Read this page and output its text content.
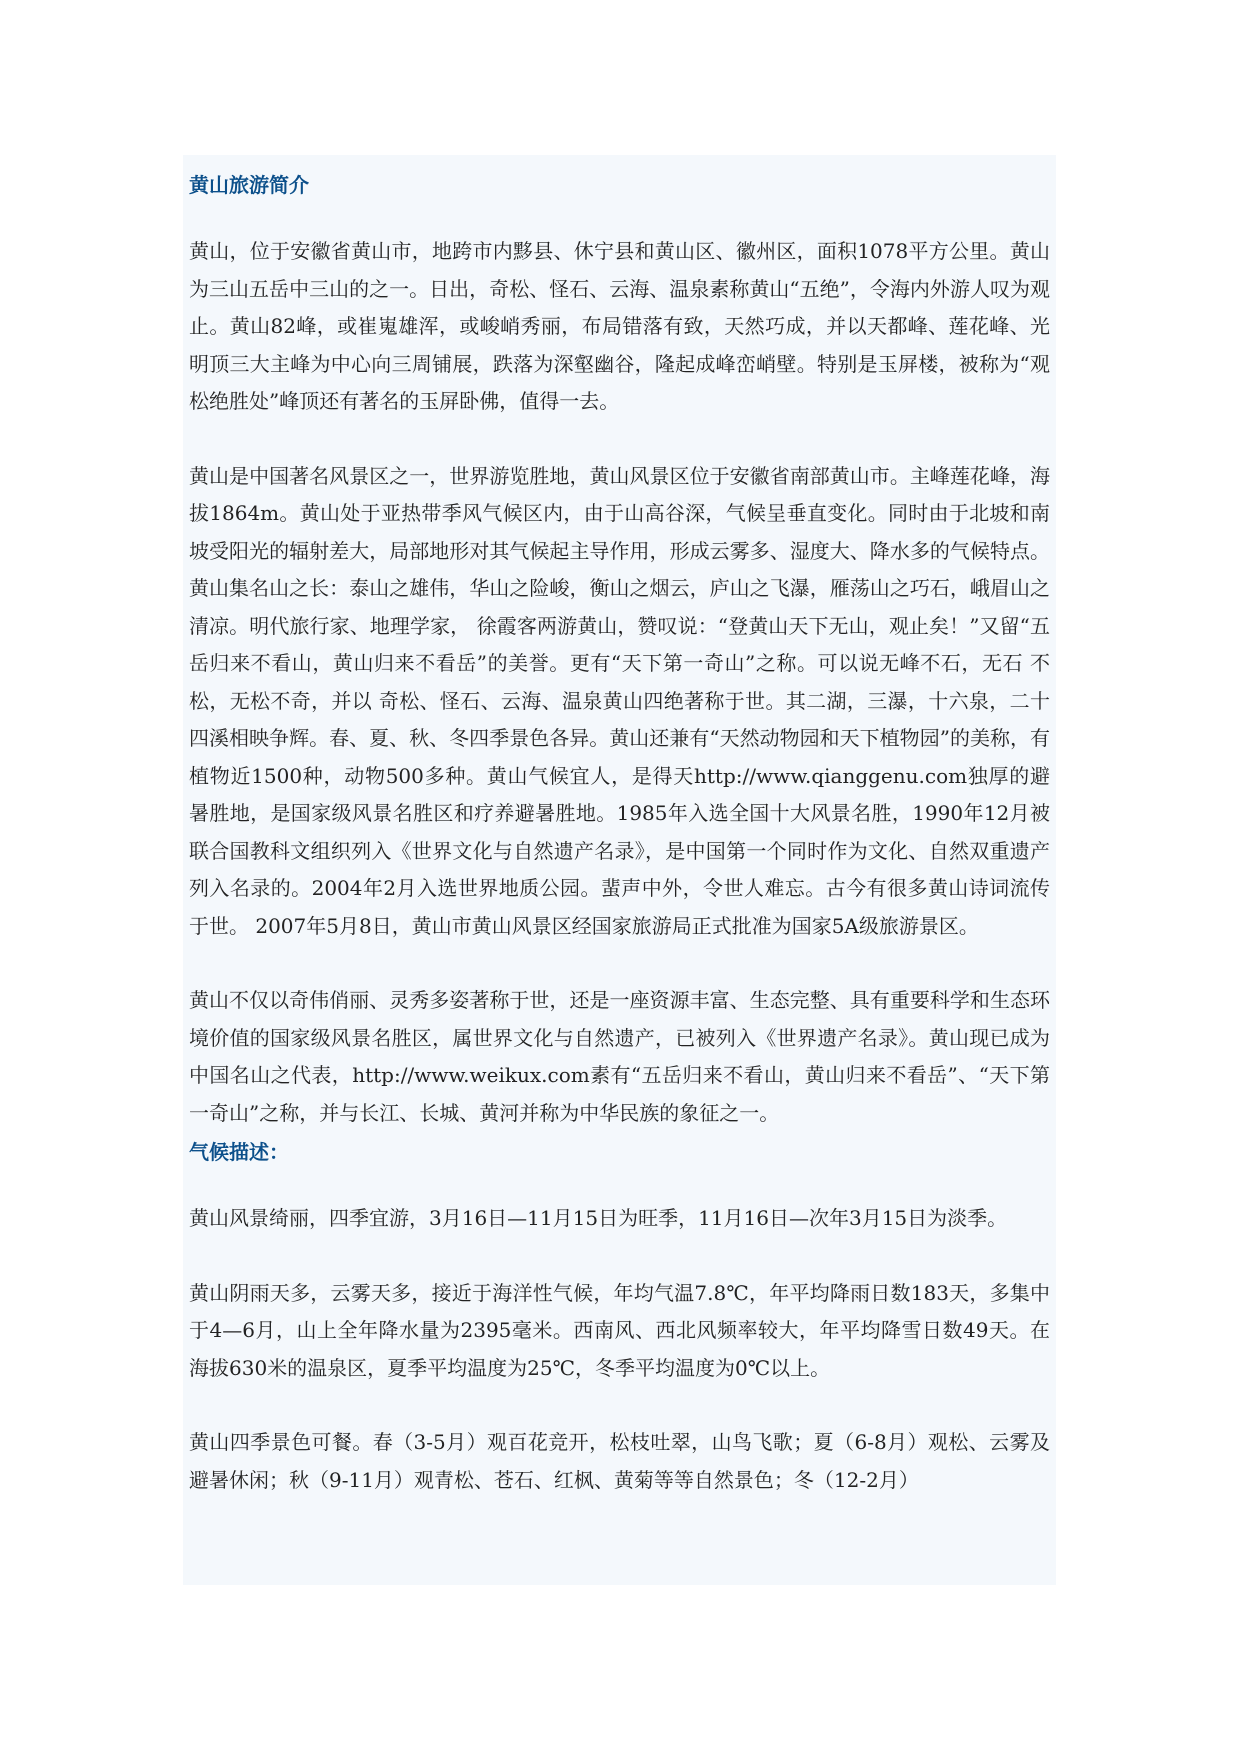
黄山旅游简介

黄山，位于安徽省黄山市，地跨市内黟县、休宁县和黄山区、徽州区，面积1078平方公里。黄山为三山五岳中三山的之一。日出，奇松、怪石、云海、温泉素称黄山“五绝”，令海内外游人叹为观止。黄山82峰，或崔嵬雄浑，或峻峭秀丽，布局错落有致，天然巧成，并以天都峰、莲花峰、光明顶三大主峰为中心向三周铺展，跌落为深壑幽谷，隆起成峰峦峭壁。特别是玉屏楼，被称为“观松绝胜处”峰顶还有著名的玉屏卧佛，值得一去。

黄山是中国著名风景区之一，世界游览胜地，黄山风景区位于安徽省南部黄山市。主峰莲花峰，海拔1864m。黄山处于亚热带季风气候区内，由于山高谷深，气候呈垂直变化。同时由于北坡和南坡受阳光的辐射差大，局部地形对其气候起主导作用，形成云雾多、湿度大、降水多的气候特点。黄山集名山之长：泰山之雄伟，华山之险峻，衡山之烟云，庐山之飞瀑，雁荡山之巧石，峨眉山之清凉。明代旅行家、地理学家， 徐霞客两游黄山，赞叹说：“登黄山天下无山，观止矣！”又留“五岳归来不看山，黄山归来不看岳”的美誉。更有“天下第一奇山”之称。可以说无峰不石，无石 不松，无松不奇，并以 奇松、怪石、云海、温泉黄山四绝著称于世。其二湖，三瀑，十六泉，二十四溪相映争辉。春、夏、秋、冬四季景色各异。黄山还兼有“天然动物园和天下植物园”的美称，有植物近1500种，动物500多种。黄山气候宜人，是得天http://www.qianggenu.com独厚的避暑胜地，是国家级风景名胜区和疗养避暑胜地。1985年入选全国十大风景名胜，1990年12月被联合国教科文组织列入《世界文化与自然遗产名录》，是中国第一个同时作为文化、自然双重遗产列入名录的。2004年2月入选世界地质公园。蜚声中外，令世人难忘。古今有很多黄山诗词流传于世。 2007年5月8日，黄山市黄山风景区经国家旅游局正式批准为国家5A级旅游景区。

黄山不仅以奇伟俏丽、灵秀多姿著称于世，还是一座资源丰富、生态完整、具有重要科学和生态环境价值的国家级风景名胜区，属世界文化与自然遗产，已被列入《世界遗产名录》。黄山现已成为中国名山之代表，http://www.weikux.com素有“五岳归来不看山，黄山归来不看岳”、“天下第一奇山”之称，并与长江、长城、黄河并称为中华民族的象征之一。

气候描述：

黄山风景绮丽，四季宜游，3月16日—11月15日为旺季，11月16日—次年3月15日为淡季。

黄山阴雨天多，云雾天多，接近于海洋性气候，年均气温7.8℃，年平均降雨日数183天，多集中于4—6月，山上全年降水量为2395毫米。西南风、西北风频率较大，年平均降雪日数49天。在海拔630米的温泉区，夏季平均温度为25℃，冬季平均温度为0℃以上。

黄山四季景色可餐。春（3-5月）观百花竞开，松枝吐翠，山鸟飞歌；夏（6-8月）观松、云雾及避暑休闲；秋（9-11月）观青松、苍石、红枫、黄菊等等自然景色；冬（12-2月）
